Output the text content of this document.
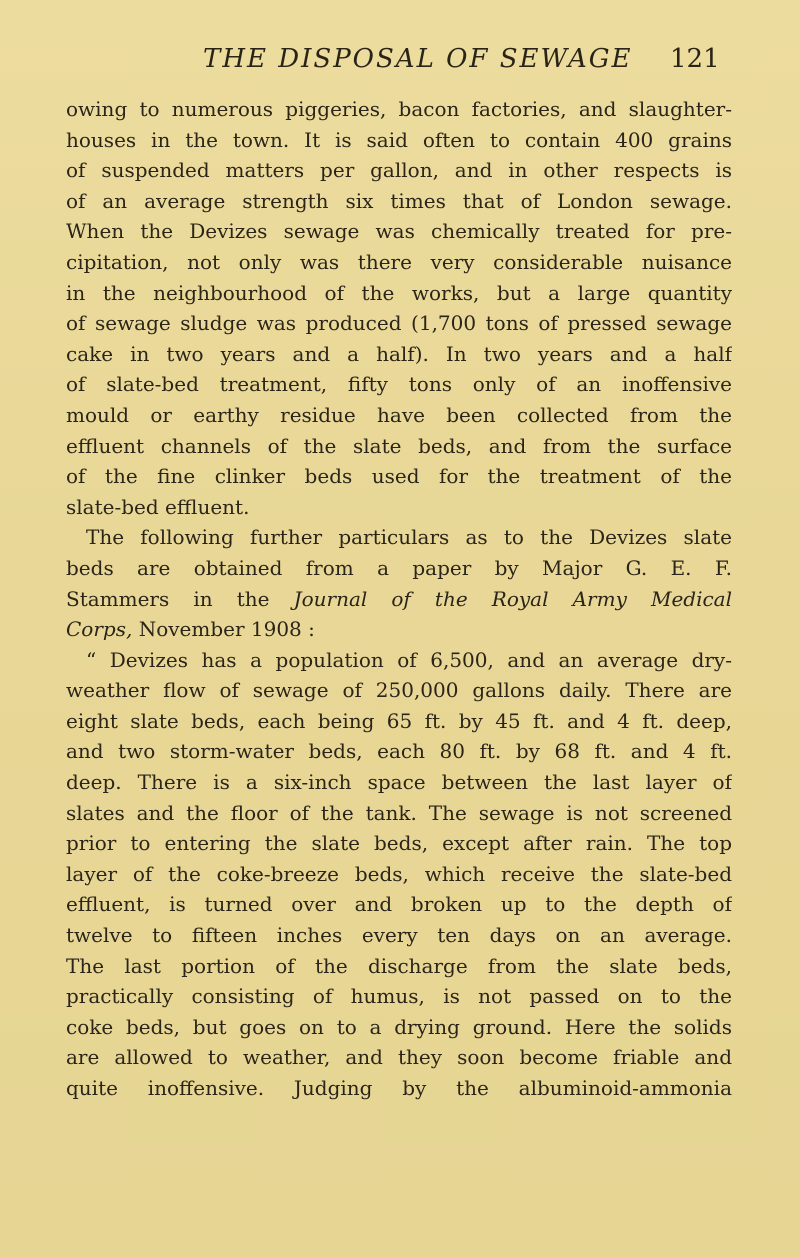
THE DISPOSAL OF SEWAGE 121
owing to numerous piggeries, bacon factories, and slaughter-
houses in the town. It is said often to contain 400 grains
of suspended matters per gallon, and in other respects is
of an average strength six times that of London sewage.
When the Devizes sewage was chemically treated for pre-
cipitation, not only was there very considerable nuisance
in the neighbourhood of the works, but a large quantity
of sewage sludge was produced (1,700 tons of pressed sewage
cake in two years and a half). In two years and a half
of slate-bed treatment, fifty tons only of an inoffensive
mould or earthy residue have been collected from the
effluent channels of the slate beds, and from the surface
of the fine clinker beds used for the treatment of the
slate-bed effluent.
The following further particulars as to the Devizes slate
beds are obtained from a paper by Major G. E. F.
Stammers in the Journal of the Royal Army Medical
Corps, November 1908 :
“ Devizes has a population of 6,500, and an average dry-
weather flow of sewage of 250,000 gallons daily. There are
eight slate beds, each being 65 ft. by 45 ft. and 4 ft. deep,
and two storm-water beds, each 80 ft. by 68 ft. and 4 ft.
deep. There is a six-inch space between the last layer of
slates and the floor of the tank. The sewage is not screened
prior to entering the slate beds, except after rain. The top
layer of the coke-breeze beds, which receive the slate-bed
effluent, is turned over and broken up to the depth of
twelve to fifteen inches every ten days on an average.
The last portion of the discharge from the slate beds,
practically consisting of humus, is not passed on to the
coke beds, but goes on to a drying ground. Here the solids
are allowed to weather, and they soon become friable and
quite inoffensive. Judging by the albuminoid-ammonia
